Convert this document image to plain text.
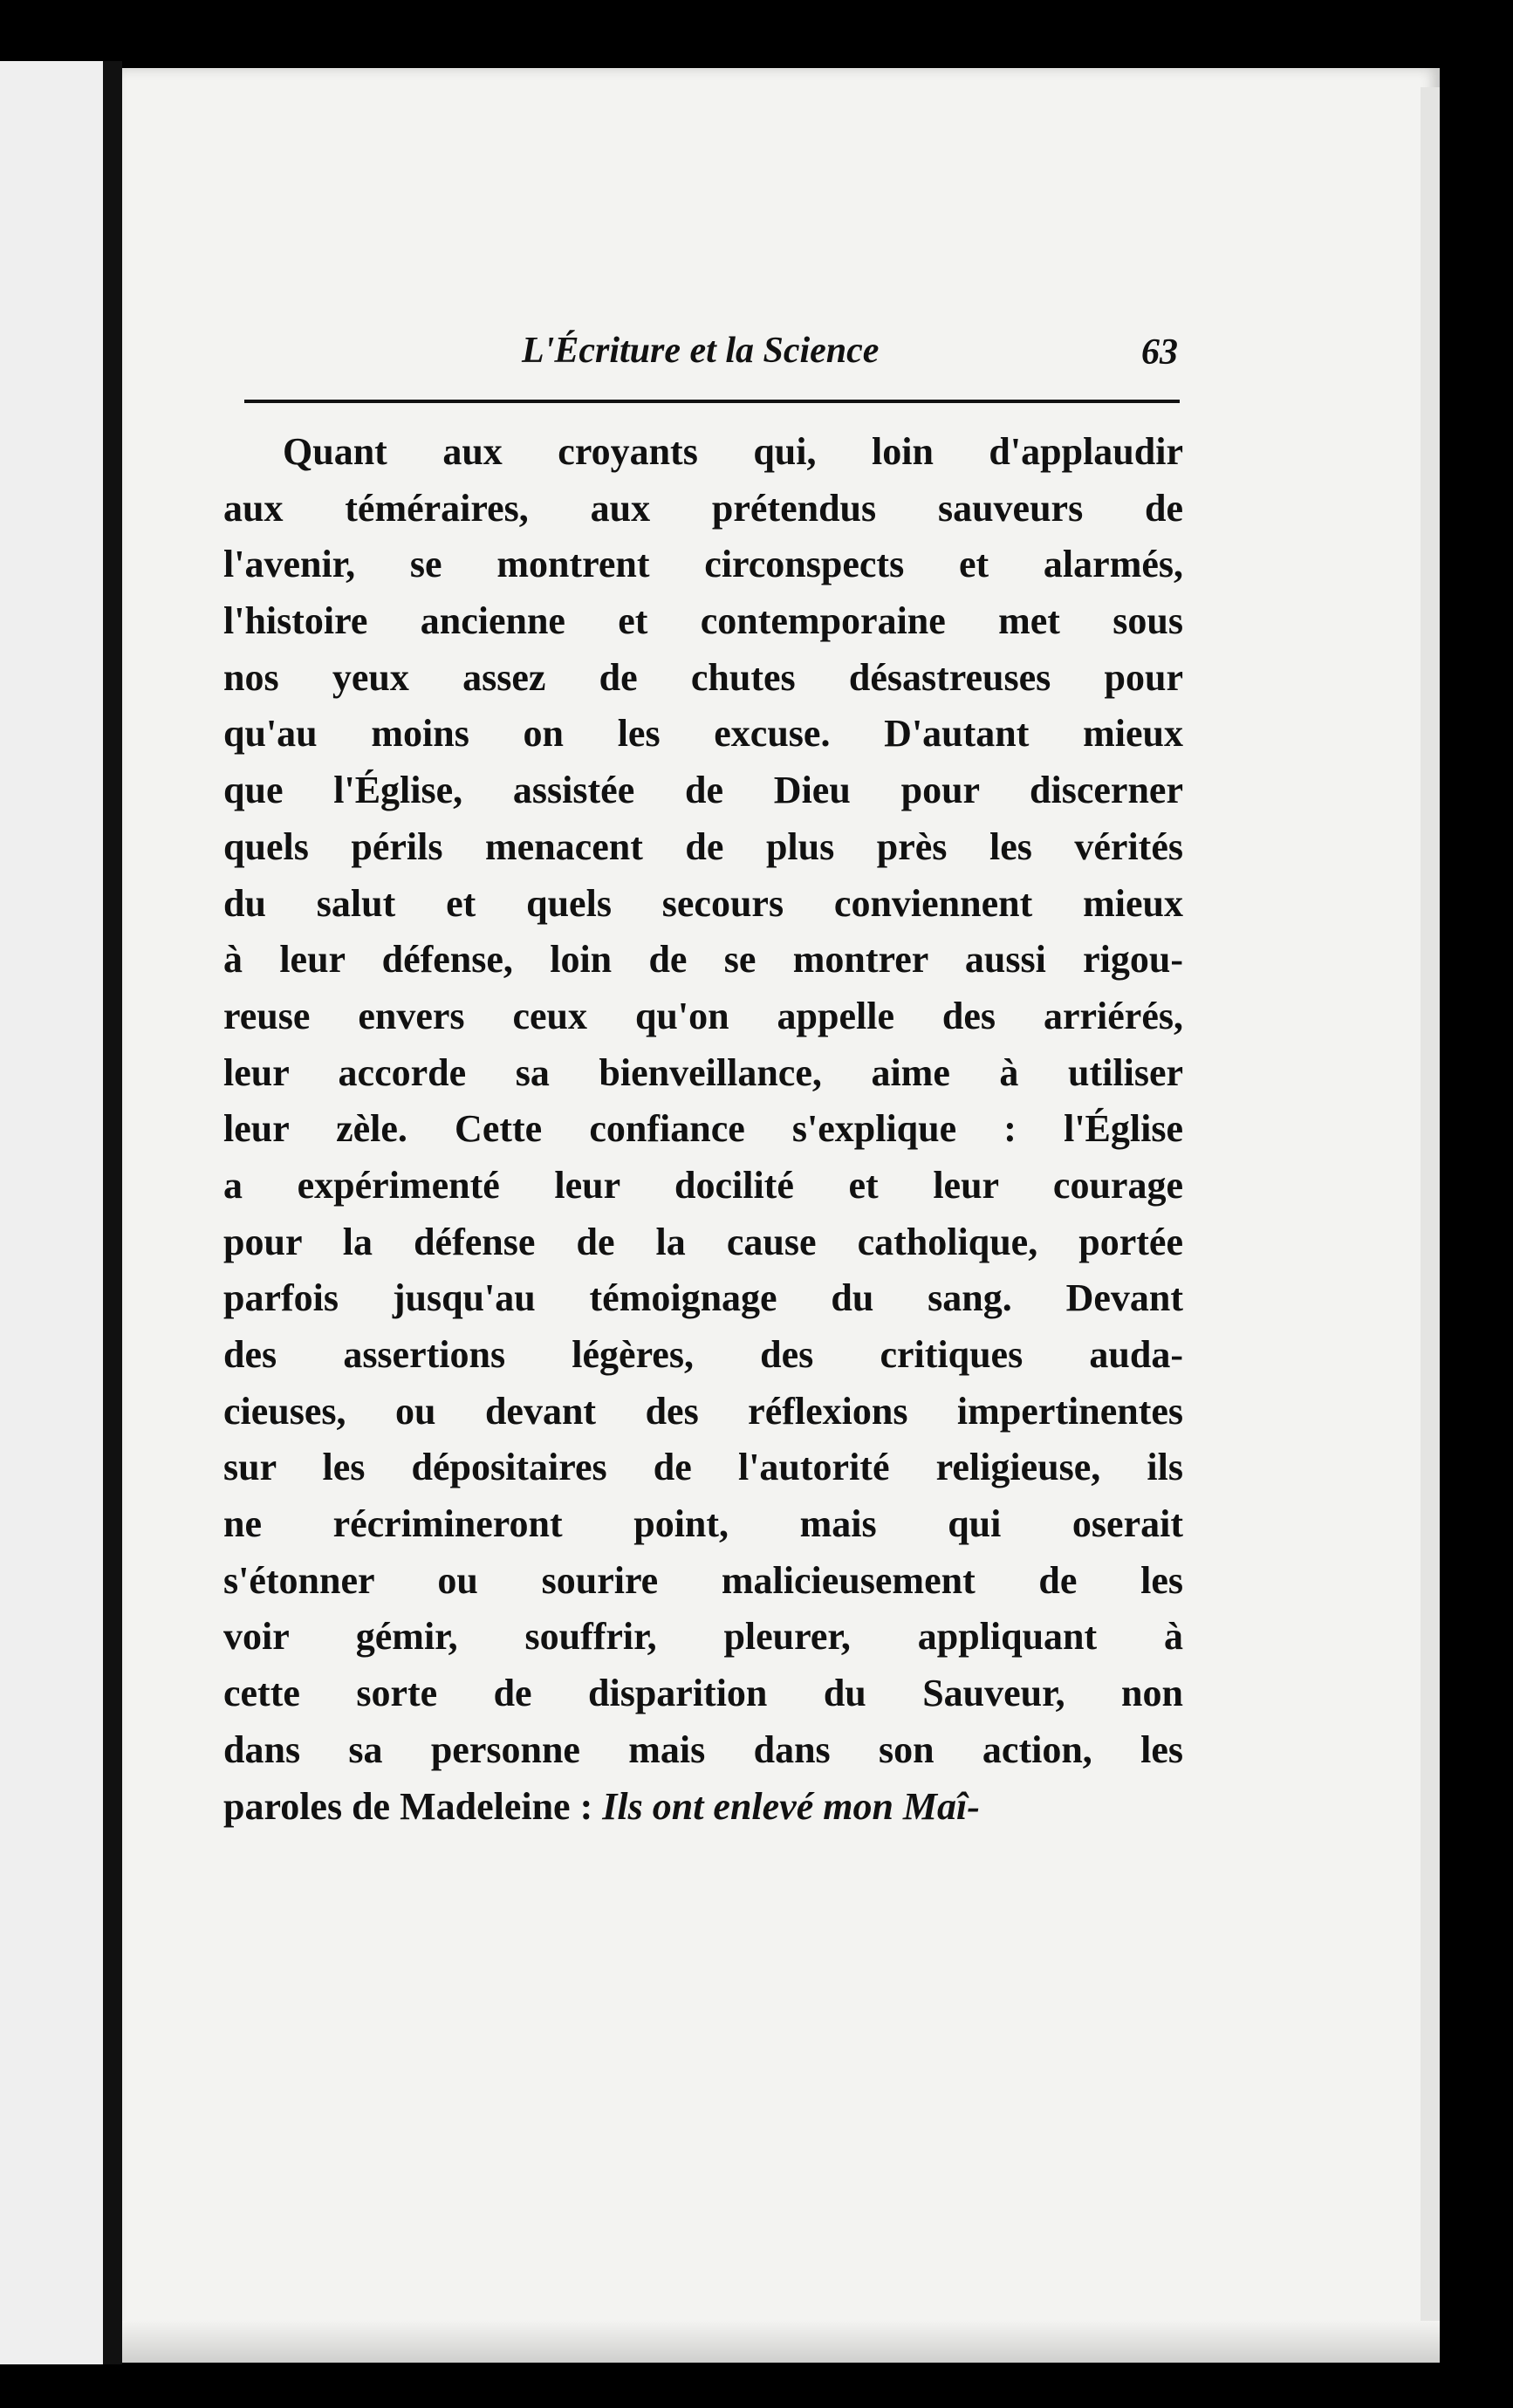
L'Écriture et la Science	63
Quant aux croyants qui, loin d'applaudir
aux téméraires, aux prétendus sauveurs de
l'avenir, se montrent circonspects et alarmés,
l'histoire ancienne et contemporaine met sous
nos yeux assez de chutes désastreuses pour
qu'au moins on les excuse. D'autant mieux
que l'Église, assistée de Dieu pour discerner
quels périls menacent de plus près les vérités
du salut et quels secours conviennent mieux
à leur défense, loin de se montrer aussi rigou-
reuse envers ceux qu'on appelle des arriérés,
leur accorde sa bienveillance, aime à utiliser
leur zèle. Cette confiance s'explique : l'Église
a expérimenté leur docilité et leur courage
pour la défense de la cause catholique, portée
parfois jusqu'au témoignage du sang. Devant
des assertions légères, des critiques auda-
cieuses, ou devant des réflexions impertinentes
sur les dépositaires de l'autorité religieuse, ils
ne récrimineront point, mais qui oserait
s'étonner ou sourire malicieusement de les
voir gémir, souffrir, pleurer, appliquant à
cette sorte de disparition du Sauveur, non
dans sa personne mais dans son action, les
paroles de Madeleine : Ils ont enlevé mon Maî-
